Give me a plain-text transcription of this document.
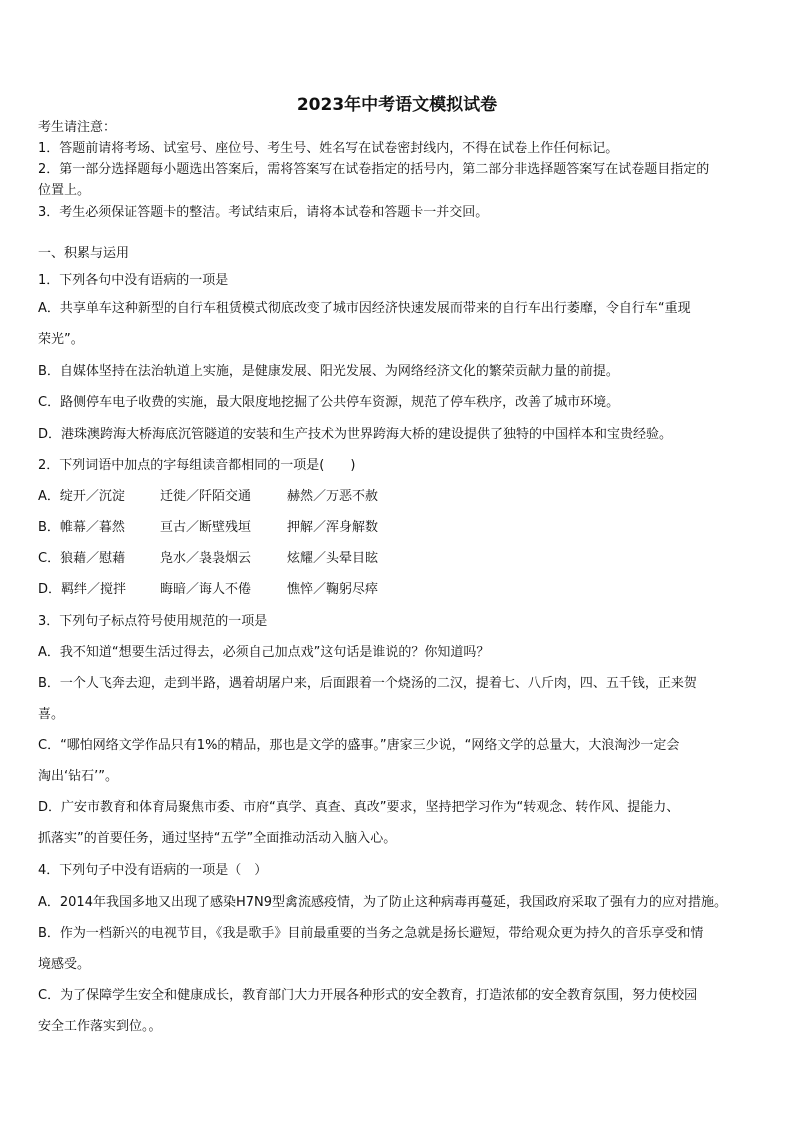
2023年中考语文模拟试卷
考生请注意：
1．答题前请将考场、试室号、座位号、考生号、姓名写在试卷密封线内，不得在试卷上作任何标记。
2．第一部分选择题每小题选出答案后，需将答案写在试卷指定的括号内，第二部分非选择题答案写在试卷题目指定的
位置上。
3．考生必须保证答题卡的整洁。考试结束后，请将本试卷和答题卡一并交回。
一、积累与运用
1．下列各句中没有语病的一项是
A．共享单车这种新型的自行车租赁模式彻底改变了城市因经济快速发展而带来的自行车出行萎靡，令自行车“重现
荣光”。
B．自媒体坚持在法治轨道上实施，是健康发展、阳光发展、为网络经济文化的繁荣贡献力量的前提。
C．路侧停车电子收费的实施，最大限度地挖掘了公共停车资源，规范了停车秩序，改善了城市环境。
D．港珠澳跨海大桥海底沉管隧道的安装和生产技术为世界跨海大桥的建设提供了独特的中国样本和宝贵经验。
2．下列词语中加点的字每组读音都相同的一项是(　　)
A．绽开／沉淀	迁徙／阡陌交通	赫然／万恶不赦
B．帷幕／暮然	亘古／断壁残垣	押解／浑身解数
C．狼藉／慰藉	凫水／袅袅烟云	炫耀／头晕目眩
D．羁绊／搅拌	晦暗／诲人不倦	憔悴／鞠躬尽瘁
3．下列句子标点符号使用规范的一项是
A．我不知道“想要生活过得去，必须自己加点戏”这句话是谁说的？你知道吗？
B．一个人飞奔去迎，走到半路，遇着胡屠户来，后面跟着一个烧汤的二汉，提着七、八斤肉，四、五千钱，正来贺
喜。
C．“哪怕网络文学作品只有1%的精品，那也是文学的盛事。”唐家三少说，“网络文学的总量大，大浪淘沙一定会
淘出‘钻石’”。
D．广安市教育和体育局聚焦市委、市府“真学、真查、真改”要求，坚持把学习作为“转观念、转作风、提能力、
抓落实”的首要任务，通过坚持“五学”全面推动活动入脑入心。
4．下列句子中没有语病的一项是（　）
A．2014年我国多地又出现了感染H7N9型禽流感疫情，为了防止这种病毒再蔓延，我国政府采取了强有力的应对措施。
B．作为一档新兴的电视节目，《我是歌手》目前最重要的当务之急就是扬长避短，带给观众更为持久的音乐享受和情
境感受。
C．为了保障学生安全和健康成长，教育部门大力开展各种形式的安全教育，打造浓郁的安全教育氛围，努力使校园
安全工作落实到位。。
